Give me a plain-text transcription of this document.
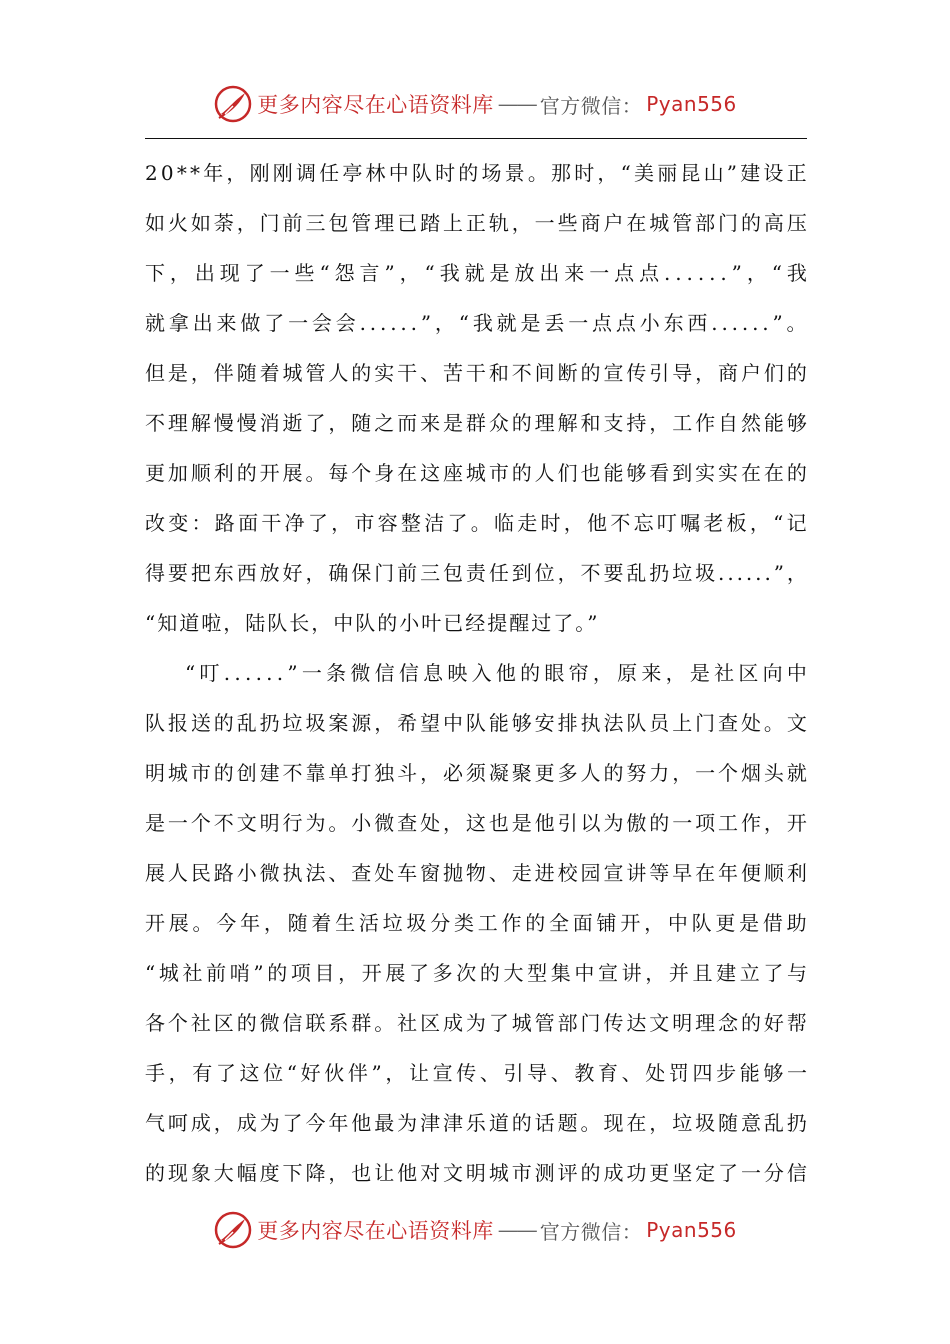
更多内容尽在心语资料库 —— 官方微信： Pyan556
2 0 * * 年 ， 刚 刚 调 任 亭 林 中 队 时 的 场 景 。 那 时 ， “ 美 丽 昆 山 ” 建 设 正
如 火 如 荼 ， 门 前 三 包 管 理 已 踏 上 正 轨 ， 一 些 商 户 在 城 管 部 门 的 高 压
下 ， 出 现 了 一 些 “ 怨 言 ” ， “ 我 就 是 放 出 来 一 点 点 . . . . . . ” ， “ 我
就 拿 出 来 做 了 一 会 会 . . . . . . ” ， “ 我 就 是 丢 一 点 点 小 东 西 . . . . . . ” 。
但 是 ， 伴 随 着 城 管 人 的 实 干 、 苦 干 和 不 间 断 的 宣 传 引 导 ， 商 户 们 的
不 理 解 慢 慢 消 逝 了 ， 随 之 而 来 是 群 众 的 理 解 和 支 持 ， 工 作 自 然 能 够
更 加 顺 利 的 开 展 。 每 个 身 在 这 座 城 市 的 人 们 也 能 够 看 到 实 实 在 在 的
改 变 ： 路 面 干 净 了 ， 市 容 整 洁 了 。 临 走 时 ， 他 不 忘 叮 嘱 老 板 ， “ 记
得 要 把 东 西 放 好 ， 确 保 门 前 三 包 责 任 到 位 ， 不 要 乱 扔 垃 圾 . . . . . . ” ，
“知道啦，陆队长，中队的小叶已经提醒过了。”
“ 叮 . . . . . . ” 一 条 微 信 信 息 映 入 他 的 眼 帘 ， 原 来 ， 是 社 区 向 中
队 报 送 的 乱 扔 垃 圾 案 源 ， 希 望 中 队 能 够 安 排 执 法 队 员 上 门 查 处 。 文
明 城 市 的 创 建 不 靠 单 打 独 斗 ， 必 须 凝 聚 更 多 人 的 努 力 ， 一 个 烟 头 就
是 一 个 不 文 明 行 为 。 小 微 查 处 ， 这 也 是 他 引 以 为 傲 的 一 项 工 作 ， 开
展 人 民 路 小 微 执 法 、 查 处 车 窗 抛 物 、 走 进 校 园 宣 讲 等 早 在 年 便 顺 利
开 展 。 今 年 ， 随 着 生 活 垃 圾 分 类 工 作 的 全 面 铺 开 ， 中 队 更 是 借 助
“ 城 社 前 哨 ” 的 项 目 ， 开 展 了 多 次 的 大 型 集 中 宣 讲 ， 并 且 建 立 了 与
各 个 社 区 的 微 信 联 系 群 。 社 区 成 为 了 城 管 部 门 传 达 文 明 理 念 的 好 帮
手 ， 有 了 这 位 “ 好 伙 伴 ” ， 让 宣 传 、 引 导 、 教 育 、 处 罚 四 步 能 够 一
气 呵 成 ， 成 为 了 今 年 他 最 为 津 津 乐 道 的 话 题 。 现 在 ， 垃 圾 随 意 乱 扔
的 现 象 大 幅 度 下 降 ， 也 让 他 对 文 明 城 市 测 评 的 成 功 更 坚 定 了 一 分 信
更多内容尽在心语资料库 —— 官方微信： Pyan556
